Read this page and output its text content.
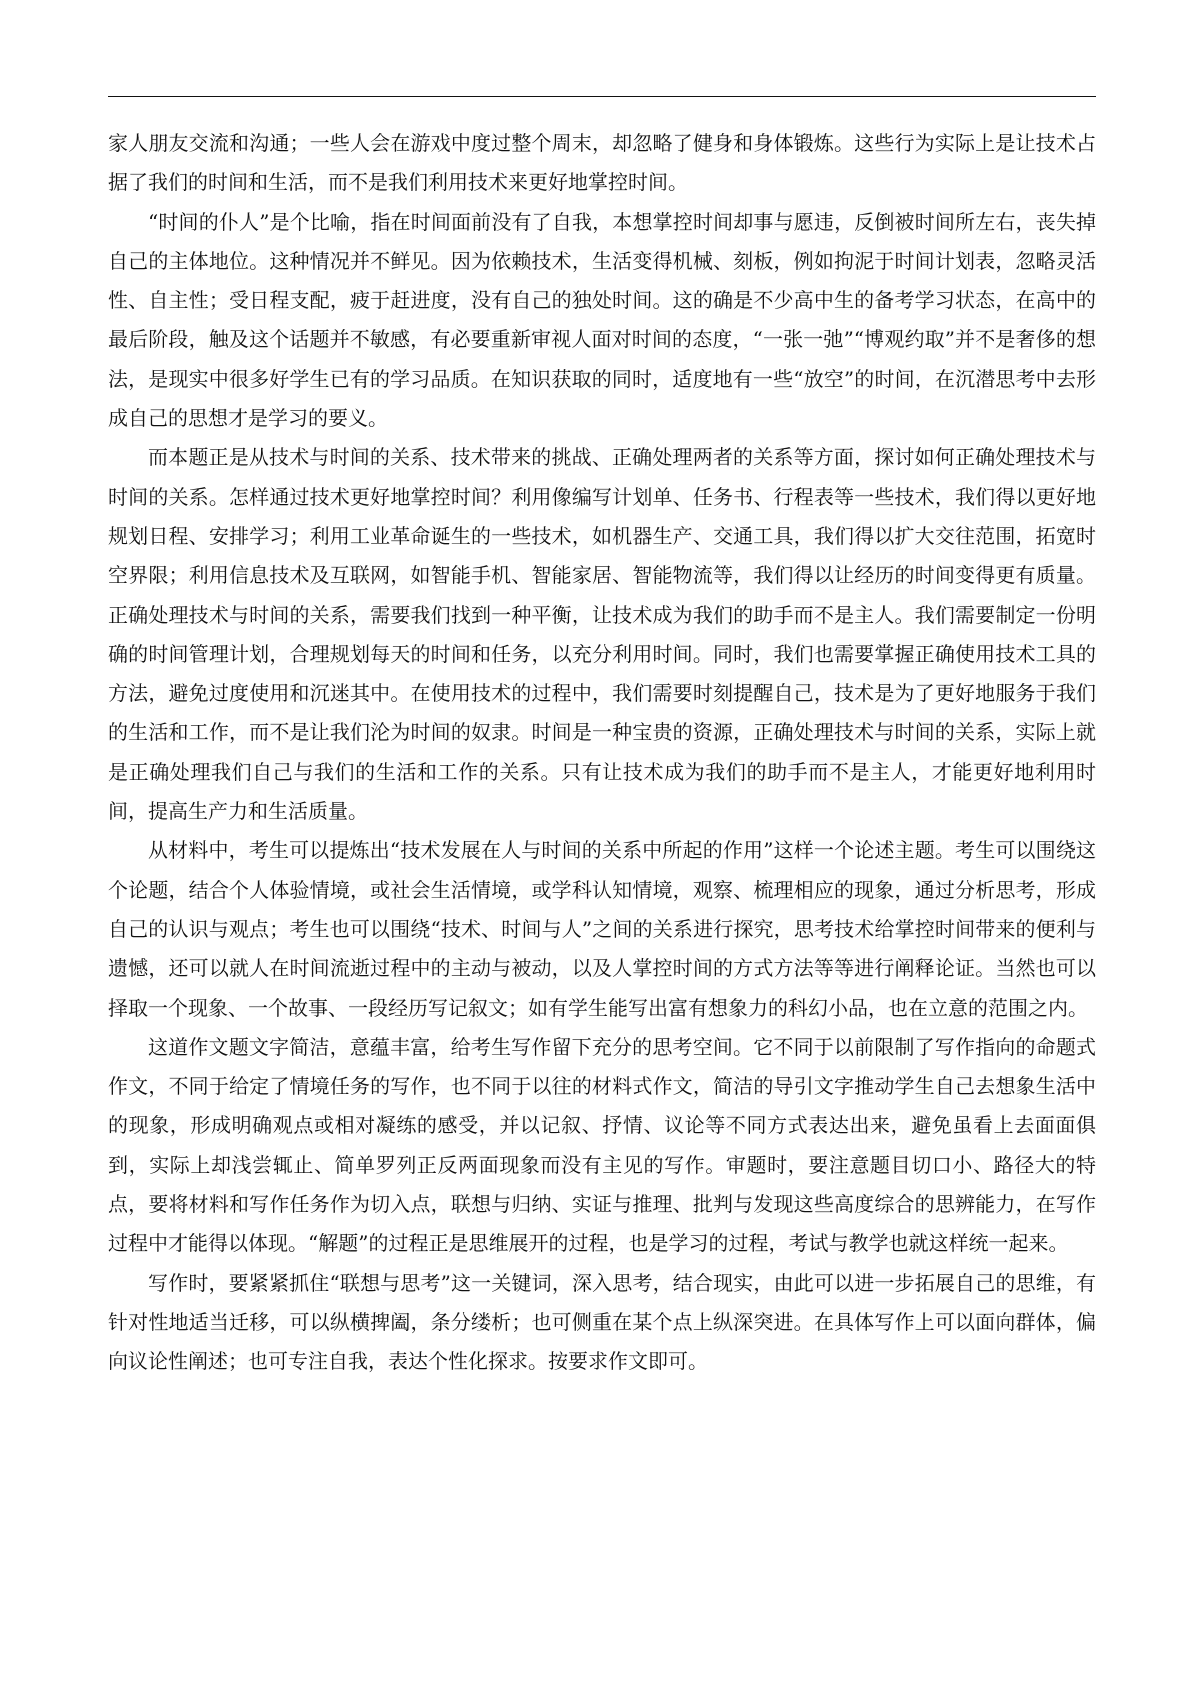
家人朋友交流和沟通；一些人会在游戏中度过整个周末，却忽略了健身和身体锻炼。这些行为实际上是让技术占据了我们的时间和生活，而不是我们利用技术来更好地掌控时间。

“时间的仆人”是个比喻，指在时间面前没有了自我，本想掌控时间却事与愿违，反倒被时间所左右，丧失掉自己的主体地位。这种情况并不鲜见。因为依赖技术，生活变得机械、刻板，例如拘泥于时间计划表，忽略灵活性、自主性；受日程支配，疲于赶进度，没有自己的独处时间。这的确是不少高中生的备考学习状态，在高中的最后阶段，触及这个话题并不敏感，有必要重新审视人面对时间的态度，“一张一弛”“博观约取”并不是奢侈的想法，是现实中很多好学生已有的学习品质。在知识获取的同时，适度地有一些“放空”的时间，在沉潜思考中去形成自己的思想才是学习的要义。

而本题正是从技术与时间的关系、技术带来的挑战、正确处理两者的关系等方面，探讨如何正确处理技术与时间的关系。怎样通过技术更好地掌控时间？利用像编写计划单、任务书、行程表等一些技术，我们得以更好地规划日程、安排学习；利用工业革命诞生的一些技术，如机器生产、交通工具，我们得以扩大交往范围，拓宽时空界限；利用信息技术及互联网，如智能手机、智能家居、智能物流等，我们得以让经历的时间变得更有质量。正确处理技术与时间的关系，需要我们找到一种平衡，让技术成为我们的助手而不是主人。我们需要制定一份明确的时间管理计划，合理规划每天的时间和任务，以充分利用时间。同时，我们也需要掌握正确使用技术工具的方法，避免过度使用和沉迷其中。在使用技术的过程中，我们需要时刻提醒自己，技术是为了更好地服务于我们的生活和工作，而不是让我们沦为时间的奴隶。时间是一种宝贵的资源，正确处理技术与时间的关系，实际上就是正确处理我们自己与我们的生活和工作的关系。只有让技术成为我们的助手而不是主人，才能更好地利用时间，提高生产力和生活质量。

从材料中，考生可以提炼出“技术发展在人与时间的关系中所起的作用”这样一个论述主题。考生可以围绕这个论题，结合个人体验情境，或社会生活情境，或学科认知情境，观察、梳理相应的现象，通过分析思考，形成自己的认识与观点；考生也可以围绕“技术、时间与人”之间的关系进行探究，思考技术给掌控时间带来的便利与遗憾，还可以就人在时间流逝过程中的主动与被动，以及人掌控时间的方式方法等等进行阐释论证。当然也可以择取一个现象、一个故事、一段经历写记叙文；如有学生能写出富有想象力的科幻小品，也在立意的范围之内。

这道作文题文字简洁，意蕴丰富，给考生写作留下充分的思考空间。它不同于以前限制了写作指向的命题式作文，不同于给定了情境任务的写作，也不同于以往的材料式作文，简洁的导引文字推动学生自己去想象生活中的现象，形成明确观点或相对凝练的感受，并以记叙、抒情、议论等不同方式表达出来，避免虽看上去面面俱到，实际上却浅尝辄止、简单罗列正反两面现象而没有主见的写作。审题时，要注意题目切口小、路径大的特点，要将材料和写作任务作为切入点，联想与归纳、实证与推理、批判与发现这些高度综合的思辨能力，在写作过程中才能得以体现。“解题”的过程正是思维展开的过程，也是学习的过程，考试与教学也就这样统一起来。

写作时，要紧紧抓住“联想与思考”这一关键词，深入思考，结合现实，由此可以进一步拓展自己的思维，有针对性地适当迁移，可以纵横捭阖，条分缕析；也可侧重在某个点上纵深突进。在具体写作上可以面向群体，偏向议论性阐述；也可专注自我，表达个性化探求。按要求作文即可。
